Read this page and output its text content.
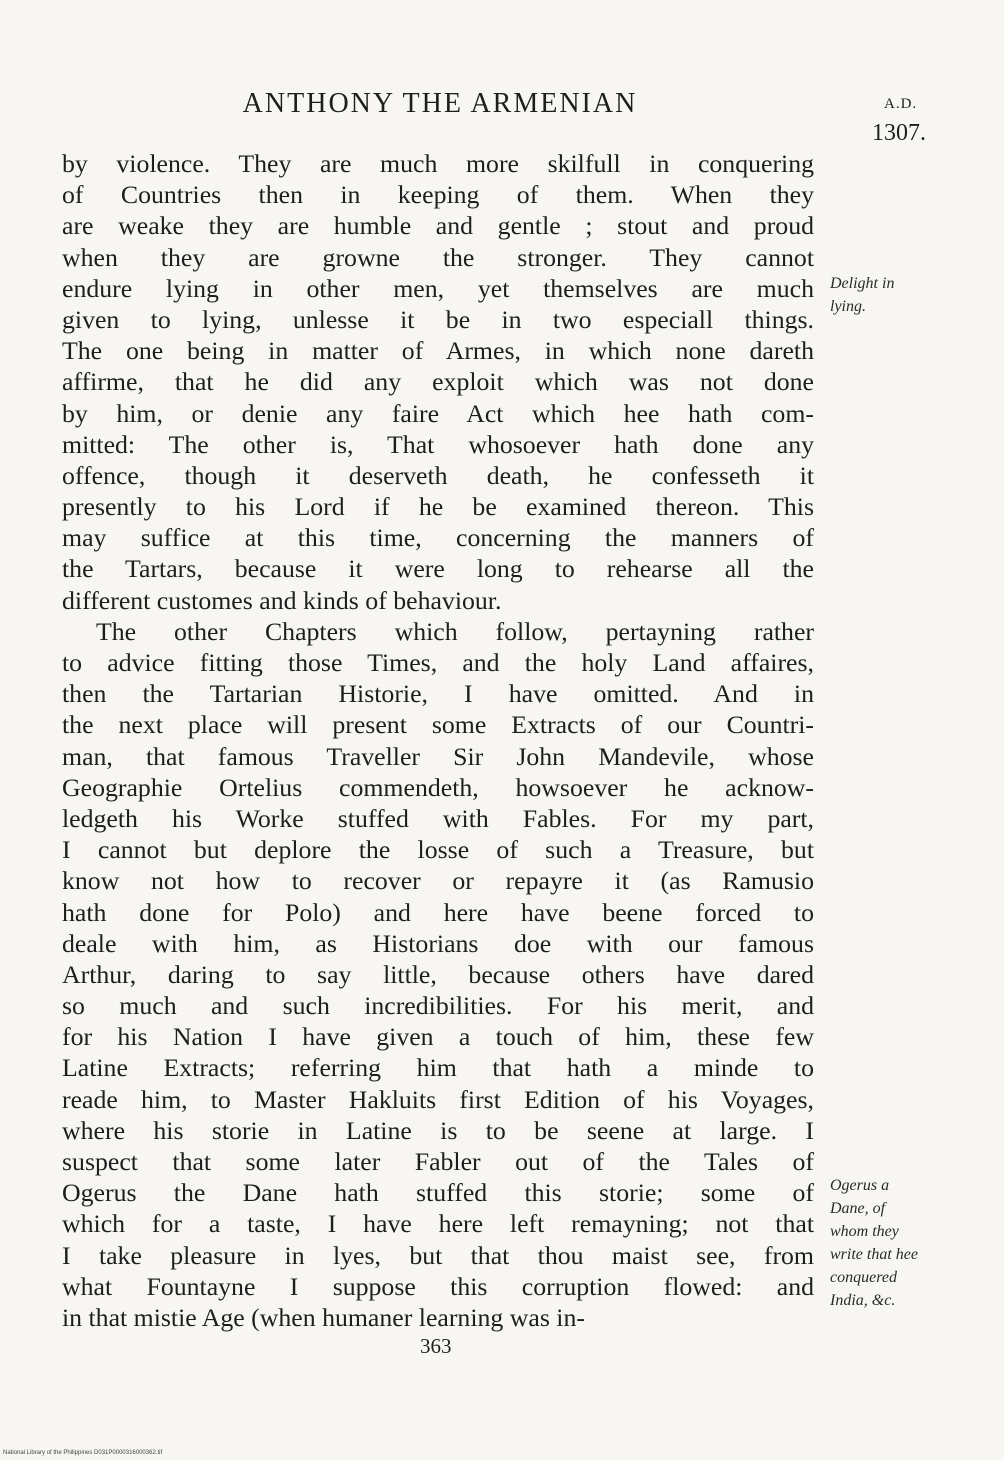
ANTHONY THE ARMENIAN	A.D.
1307.
by violence. They are much more skilfull in conquering
of Countries then in keeping of them. When they
are weake they are humble and gentle ; stout and proud
when they are growne the stronger. They cannot
endure lying in other men, yet themselves are much
given to lying, unlesse it be in two especiall things.
The one being in matter of Armes, in which none dareth
affirme, that he did any exploit which was not done
by him, or denie any faire Act which hee hath com-
mitted: The other is, That whosoever hath done any
offence, though it deserveth death, he confesseth it
presently to his Lord if he be examined thereon. This
may suffice at this time, concerning the manners of
the Tartars, because it were long to rehearse all the
different customes and kinds of behaviour.
The other Chapters which follow, pertayning rather
to advice fitting those Times, and the holy Land affaires,
then the Tartarian Historie, I have omitted. And in
the next place will present some Extracts of our Countri-
man, that famous Traveller Sir John Mandevile, whose
Geographie Ortelius commendeth, howsoever he acknow-
ledgeth his Worke stuffed with Fables. For my part,
I cannot but deplore the losse of such a Treasure, but
know not how to recover or repayre it (as Ramusio
hath done for Polo) and here have beene forced to
deale with him, as Historians doe with our famous
Arthur, daring to say little, because others have dared
so much and such incredibilities. For his merit, and
for his Nation I have given a touch of him, these few
Latine Extracts; referring him that hath a minde to
reade him, to Master Hakluits first Edition of his Voyages,
where his storie in Latine is to be seene at large. I
suspect that some later Fabler out of the Tales of
Ogerus the Dane hath stuffed this storie; some of
which for a taste, I have here left remayning; not that
I take pleasure in lyes, but that thou maist see, from
what Fountayne I suppose this corruption flowed: and
in that mistie Age (when humaner learning was in-
Delight in
lying.
Ogerus a
Dane, of
whom they
write that hee
conquered
India, &c.
363
National Library of the Philippines D031P0000316000362.tif
